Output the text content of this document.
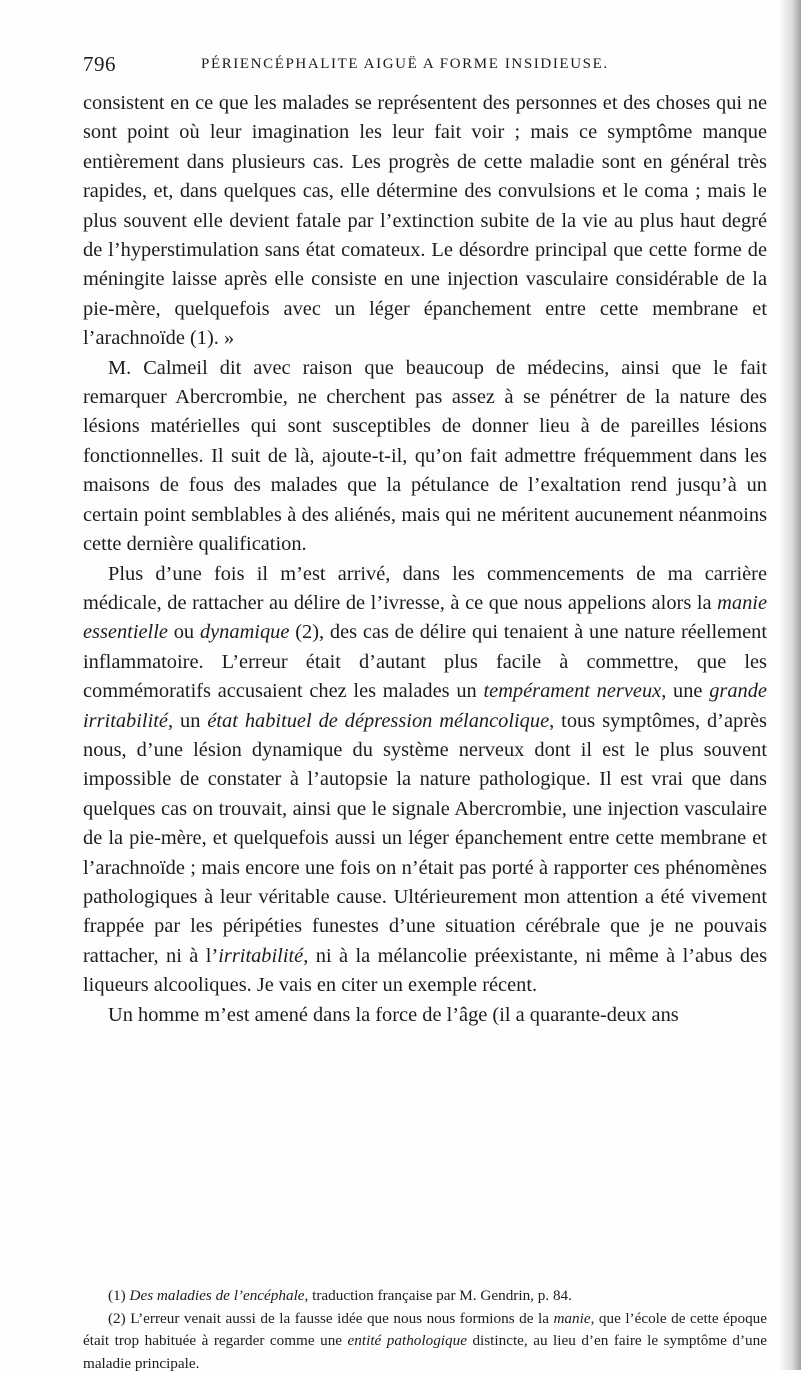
796	PÉRIENCÉPHALITE AIGUË A FORME INSIDIEUSE.

consistent en ce que les malades se représentent des personnes et des choses qui ne sont point où leur imagination les leur fait voir ; mais ce symptôme manque entièrement dans plusieurs cas. Les progrès de cette maladie sont en général très rapides, et, dans quelques cas, elle détermine des convulsions et le coma ; mais le plus souvent elle devient fatale par l’extinction subite de la vie au plus haut degré de l’hyperstimulation sans état comateux. Le désordre principal que cette forme de méningite laisse après elle consiste en une injection vasculaire considérable de la pie-mère, quelquefois avec un léger épanchement entre cette membrane et l’arachnoïde (1). »

M. Calmeil dit avec raison que beaucoup de médecins, ainsi que le fait remarquer Abercrombie, ne cherchent pas assez à se pénétrer de la nature des lésions matérielles qui sont susceptibles de donner lieu à de pareilles lésions fonctionnelles. Il suit de là, ajoute-t-il, qu’on fait admettre fréquemment dans les maisons de fous des malades que la pétulance de l’exaltation rend jusqu’à un certain point semblables à des aliénés, mais qui ne méritent aucunement néanmoins cette dernière qualification.

Plus d’une fois il m’est arrivé, dans les commencements de ma carrière médicale, de rattacher au délire de l’ivresse, à ce que nous appelions alors la manie essentielle ou dynamique (2), des cas de délire qui tenaient à une nature réellement inflammatoire. L’erreur était d’autant plus facile à commettre, que les commémoratifs accusaient chez les malades un tempérament nerveux, une grande irritabilité, un état habituel de dépression mélancolique, tous symptômes, d’après nous, d’une lésion dynamique du système nerveux dont il est le plus souvent impossible de constater à l’autopsie la nature pathologique. Il est vrai que dans quelques cas on trouvait, ainsi que le signale Abercrombie, une injection vasculaire de la pie-mère, et quelquefois aussi un léger épanchement entre cette membrane et l’arachnoïde ; mais encore une fois on n’était pas porté à rapporter ces phénomènes pathologiques à leur véritable cause. Ultérieurement mon attention a été vivement frappée par les péripéties funestes d’une situation cérébrale que je ne pouvais rattacher, ni à l’irritabilité, ni à la mélancolie préexistante, ni même à l’abus des liqueurs alcooliques. Je vais en citer un exemple récent.

Un homme m’est amené dans la force de l’âge (il a quarante-deux ans

(1) Des maladies de l’encéphale, traduction française par M. Gendrin, p. 84.

(2) L’erreur venait aussi de la fausse idée que nous nous formions de la manie, que l’école de cette époque était trop habituée à regarder comme une entité pathologique distincte, au lieu d’en faire le symptôme d’une maladie principale.
